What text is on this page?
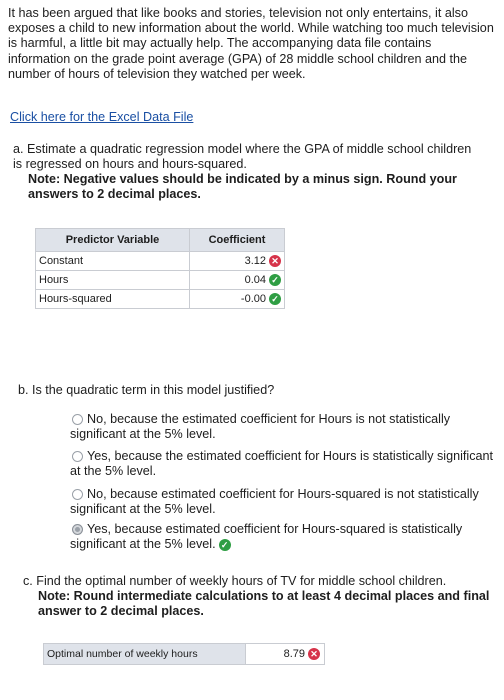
It has been argued that like books and stories, television not only entertains, it also exposes a child to new information about the world. While watching too much television is harmful, a little bit may actually help. The accompanying data file contains information on the grade point average (GPA) of 28 middle school children and the number of hours of television they watched per week.
Click here for the Excel Data File
a. Estimate a quadratic regression model where the GPA of middle school children is regressed on hours and hours-squared.
Note: Negative values should be indicated by a minus sign. Round your answers to 2 decimal places.
Predictor Variable	Coefficient
Constant	3.12 ✕
Hours	0.04 ✓
Hours-squared	-0.00 ✓
b. Is the quadratic term in this model justified?
No, because the estimated coefficient for Hours is not statistically significant at the 5% level.
Yes, because the estimated coefficient for Hours is statistically significant at the 5% level.
No, because estimated coefficient for Hours-squared is not statistically significant at the 5% level.
Yes, because estimated coefficient for Hours-squared is statistically significant at the 5% level. ✓
c. Find the optimal number of weekly hours of TV for middle school children.
Note: Round intermediate calculations to at least 4 decimal places and final answer to 2 decimal places.
Optimal number of weekly hours	8.79 ✕
